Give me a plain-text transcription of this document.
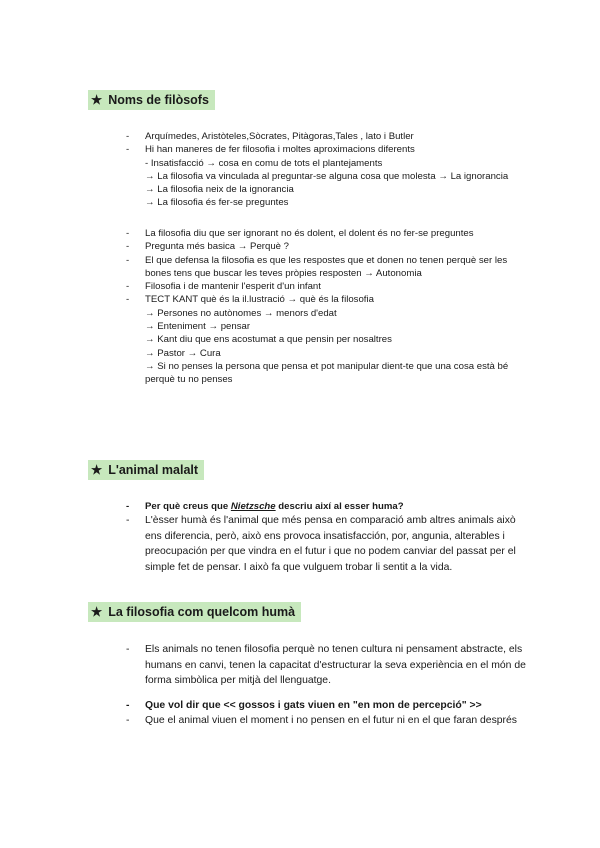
★ Noms de filòsofs
- Arquímedes, Aristòteles,Sòcrates, Pitàgoras,Tales , lato i Butler
- Hi han maneres de fer filosofia i moltes aproximacions diferents
- Insatisfacció → cosa en comu de tots el plantejaments
→ La filosofia va vinculada al preguntar-se alguna cosa que molesta → La ignorancia
→ La filosofia neix de la ignorancia
→ La filosofia és fer-se preguntes
- La filosofia diu que ser ignorant no és dolent, el dolent és no fer-se preguntes
- Pregunta més basica → Perquè ?
- El que defensa la filosofia es que les respostes que et donen no tenen perquè ser les bones tens que buscar les teves pròpies resposten → Autonomia
- Filosofia i de mantenir l'esperit d'un infant
- TECT KANT què és la il.lustració → què és la filosofia
→ Persones no autònomes → menors d'edat
→ Enteniment → pensar
→ Kant diu que ens acostumat a que pensin per nosaltres
→ Pastor → Cura
→ Si no penses la persona que pensa et pot manipular dient-te que una cosa està bé perquè tu no penses
★ L'animal malalt
- Per què creus que Nietzsche descriu així al esser huma?
- L'èsser humà és l'animal que més pensa en comparació amb altres animals això ens diferencia, però, això ens provoca insatisfacción, por, angunia, alterables i preocupación per que vindra en el futur i que no podem canviar del passat per el simple fet de pensar. I això fa que vulguem trobar li sentit a la vida.
★ La filosofia com quelcom humà
- Els animals no tenen filosofia perquè no tenen cultura ni pensament abstracte, els humans en canvi, tenen la capacitat d'estructurar la seva experiència en el món de forma simbòlica per mitjà del llenguatge.
- Que vol dir que << gossos i gats viuen en "en mon de percepció" >>
- Que el animal viuen el moment i no pensen en el futur ni en el que faran després
